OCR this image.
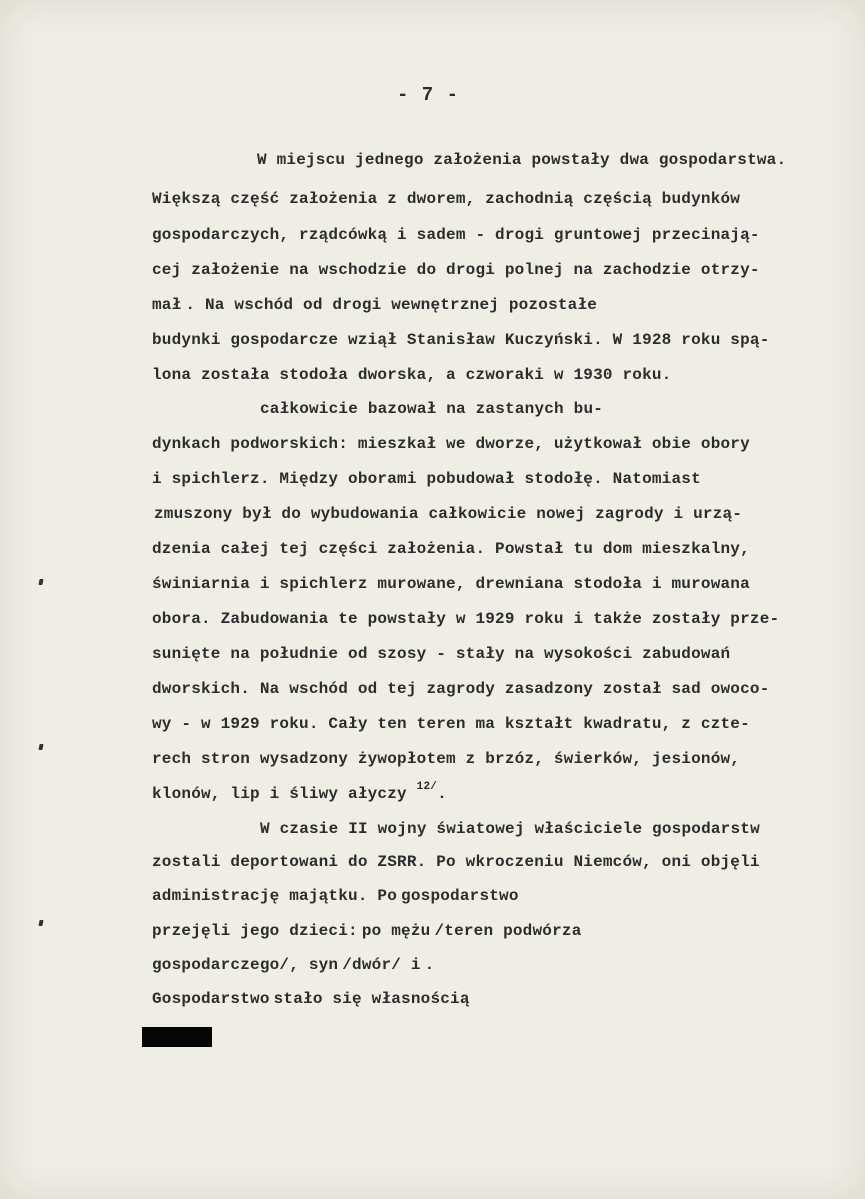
- 7 -
W miejscu jednego założenia powstały dwa gospodarstwa.
Większą część założenia z dworem, zachodnią częścią budynków
gospodarczych, rządcówką i sadem - drogi gruntowej przecinają-
cej założenie na wschodzie do drogi polnej na zachodzie otrzy-
mał . Na wschód od drogi wewnętrznej pozostałe
budynki gospodarcze wziął Stanisław Kuczyński. W 1928 roku spą-
lona została stodoła dworska, a czworaki w 1930 roku.
całkowicie bazował na zastanych bu-
dynkach podworskich: mieszkał we dworze, użytkował obie obory
i spichlerz. Między oborami pobudował stodołę. Natomiast
zmuszony był do wybudowania całkowicie nowej zagrody i urzą-
dzenia całej tej części założenia. Powstał tu dom mieszkalny,
świniarnia i spichlerz murowane, drewniana stodoła i murowana
obora. Zabudowania te powstały w 1929 roku i także zostały prze-
sunięte na południe od szosy - stały na wysokości zabudowań
dworskich. Na wschód od tej zagrody zasadzony został sad owoco-
wy - w 1929 roku. Cały ten teren ma kształt kwadratu, z czte-
rech stron wysadzony żywopłotem z brzóz, świerków, jesionów,
klonów, lip i śliwy ałyczy $^{12/}$.
W czasie II wojny światowej właściciele gospodarstw
zostali deportowani do ZSRR. Po wkroczeniu Niemców, oni objęli
administrację majątku. Po gospodarstwo
przejęli jego dzieci: po mężu /teren podwórza
gospodarczego/, syn /dwór/ i .
Gospodarstwo stało się własnością
